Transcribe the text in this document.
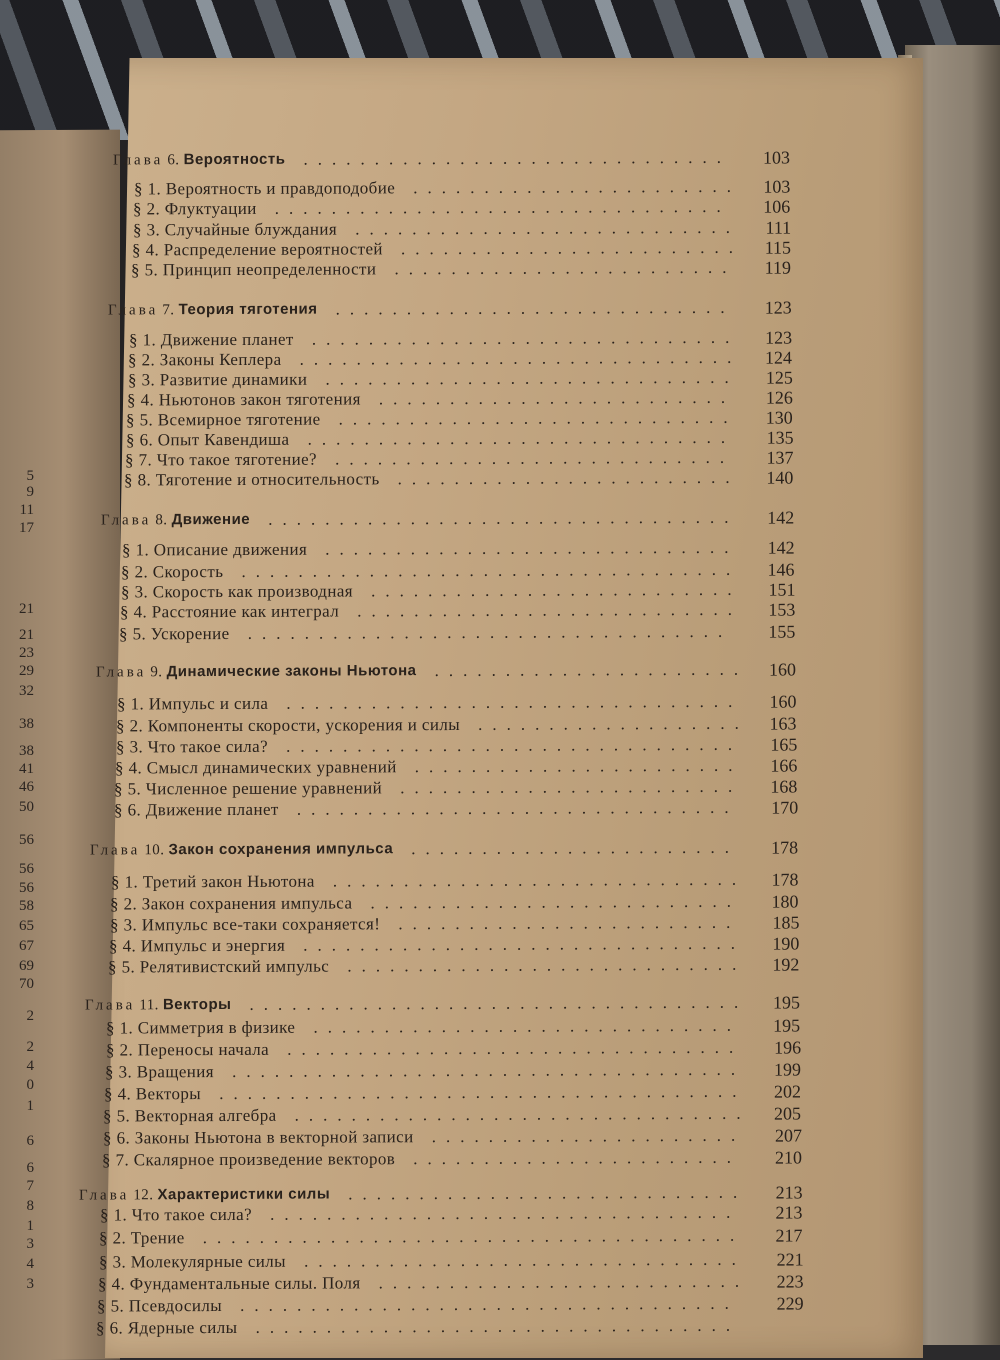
5
9
11
17
21
21
23
29
32
38
38
41
46
50
56
56
56
58
65
67
69
70
2
2
4
0
1
6
6
7
8
1
3
4
3
Глава 6. Вероятность	103
..............................
§ 1. Вероятность и правдоподобие	103
.......................
§ 2. Флуктуации	106
................................
§ 3. Случайные блуждания	111
...........................
§ 4. Распределение вероятностей	115
........................
§ 5. Принцип неопределенности	119
........................
Глава 7. Теория тяготения	123
............................
§ 1. Движение планет	123
..............................
§ 2. Законы Кеплера	124
...............................
§ 3. Развитие динамики	125
.............................
§ 4. Ньютонов закон тяготения	126
.........................
§ 5. Всемирное тяготение	130
............................
§ 6. Опыт Кавендиша	135
..............................
§ 7. Что такое тяготение?	137
............................
§ 8. Тяготение и относительность	140
........................
Глава 8. Движение	142
.................................
§ 1. Описание движения	142
.............................
§ 2. Скорость	146
...................................
§ 3. Скорость как производная	151
..........................
§ 4. Расстояние как интеграл	153
...........................
§ 5. Ускорение	155
..................................
Глава 9. Динамические законы Ньютона	160
......................
§ 1. Импульс и сила	160
................................
§ 2. Компоненты скорости, ускорения и силы	163
...................
§ 3. Что такое сила?	165
................................
§ 4. Смысл динамических уравнений	166
.......................
§ 5. Численное решение уравнений	168
........................
§ 6. Движение планет	170
...............................
Глава 10. Закон сохранения импульса	178
.......................
§ 1. Третий закон Ньютона	178
.............................
§ 2. Закон сохранения импульса	180
..........................
§ 3. Импульс все-таки сохраняется!	185
........................
§ 4. Импульс и энергия	190
...............................
§ 5. Релятивистский импульс	192
............................
Глава 11. Векторы	195
...................................
§ 1. Симметрия в физике	195
..............................
§ 2. Переносы начала	196
................................
§ 3. Вращения	199
....................................
§ 4. Векторы	202
.....................................
§ 5. Векторная алгебра	205
................................
§ 6. Законы Ньютона в векторной записи	207
......................
§ 7. Скалярное произведение векторов	210
.......................
Глава 12. Характеристики силы	213
............................
§ 1. Что такое сила?	213
.................................
§ 2. Трение	217
......................................
§ 3. Молекулярные силы	221
...............................
§ 4. Фундаментальные силы. Поля	223
..........................
§ 5. Псевдосилы	229
...................................
§ 6. Ядерные силы ..................................
